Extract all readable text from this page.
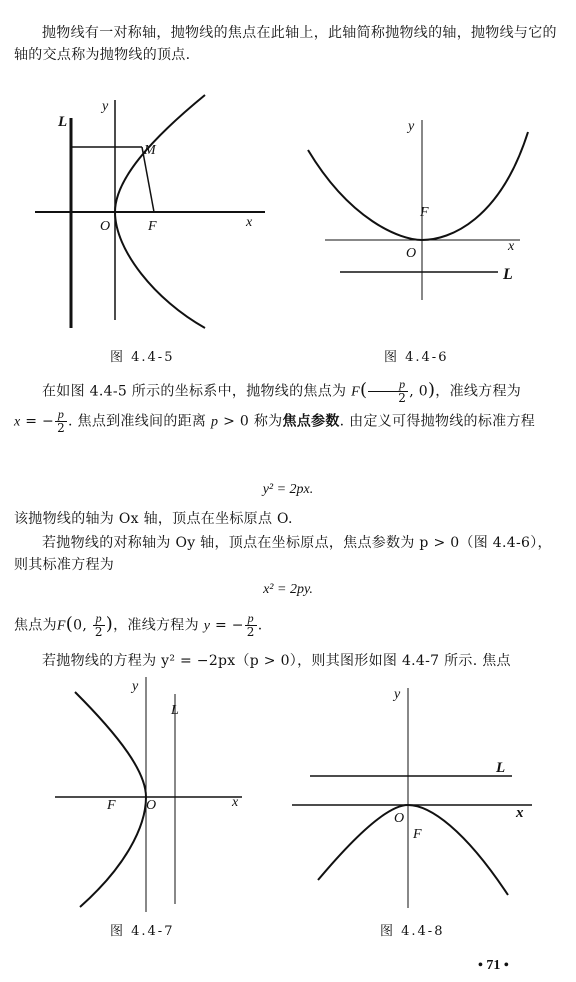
抛物线有一对称轴，抛物线的焦点在此轴上，此轴简称抛物线的轴，抛物线与它的轴的交点称为抛物线的顶点.
L
y
M
O	F	x
图 4.4-5
y
F
O	x
L
图 4.4-6
在如图 4.4-5 所示的坐标系中，抛物线的焦点为 $F( \frac{p}{2}$ , 0)，准线方程为
x = − $\frac{p}{2}$ . 焦点到准线间的距离 p > 0 称为焦点参数. 由定义可得抛物线的标准方程
y² = 2px.
该抛物线的轴为 Ox 轴，顶点在坐标原点 O.
若抛物线的对称轴为 Oy 轴，顶点在坐标原点，焦点参数为 p > 0（图 4.4-6），则其标准方程为
x² = 2py.
焦点为F(0, $\frac{p}{2}$ )，准线方程为 y = − $\frac{p}{2}$ .
若抛物线的方程为 y² = −2px（p > 0），则其图形如图 4.4-7 所示. 焦点
y
L
F O	x
图 4.4-7
y
L
O
F
x
图 4.4-8
• 71 •
